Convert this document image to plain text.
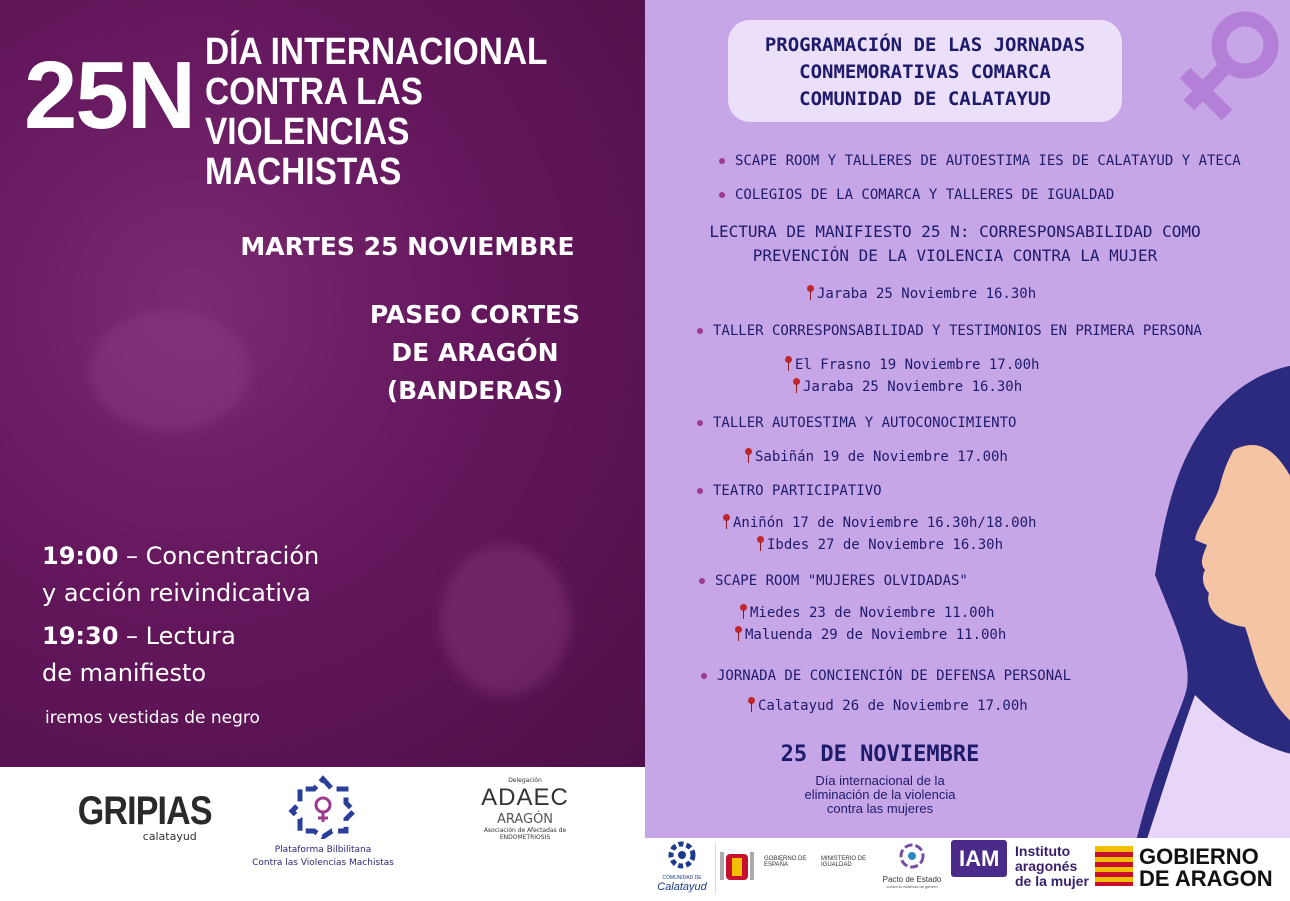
25N DÍA INTERNACIONAL
CONTRA LAS VIOLENCIAS
MACHISTAS
MARTES 25 NOVIEMBRE
PASEO CORTES
DE ARAGÓN
(BANDERAS)
19:00 – Concentración
y acción reivindicativa
19:30 – Lectura
de manifiesto
iremos vestidas de negro
GRIPIAS
calatayud
Plataforma Bilbilitana
Contra las Violencias Machistas
Delegación
ADAEC
ARAGÓN
Asociación de Afectadas de ENDOMETRIOSIS
PROGRAMACIÓN DE LAS JORNADAS
CONMEMORATIVAS COMARCA
COMUNIDAD DE CALATAYUD
SCAPE ROOM Y TALLERES DE AUTOESTIMA IES DE CALATAYUD Y ATECA
COLEGIOS DE LA COMARCA Y TALLERES DE IGUALDAD
LECTURA DE MANIFIESTO 25 N: CORRESPONSABILIDAD COMO
PREVENCIÓN DE LA VIOLENCIA CONTRA LA MUJER
Jaraba 25 Noviembre 16.30h
TALLER CORRESPONSABILIDAD Y TESTIMONIOS EN PRIMERA PERSONA
El Frasno 19 Noviembre 17.00h
Jaraba 25 Noviembre 16.30h
TALLER AUTOESTIMA Y AUTOCONOCIMIENTO
Sabiñán 19 de Noviembre 17.00h
TEATRO PARTICIPATIVO
Aniñón 17 de Noviembre 16.30h/18.00h
Ibdes 27 de Noviembre 16.30h
SCAPE ROOM "MUJERES OLVIDADAS"
Miedes 23 de Noviembre 11.00h
Maluenda 29 de Noviembre 11.00h
JORNADA DE CONCIENCIÓN DE DEFENSA PERSONAL
Calatayud 26 de Noviembre 17.00h
25 DE NOVIEMBRE
Día internacional de la
eliminación de la violencia
contra las mujeres
COMUNIDAD DE
Calatayud
GOBIERNO DE ESPAÑA
MINISTERIO DE IGUALDAD
Pacto de Estado
contra la violencia de género
IAM	Instituto
aragonés
de la mujer
GOBIERNO
DE ARAGON
